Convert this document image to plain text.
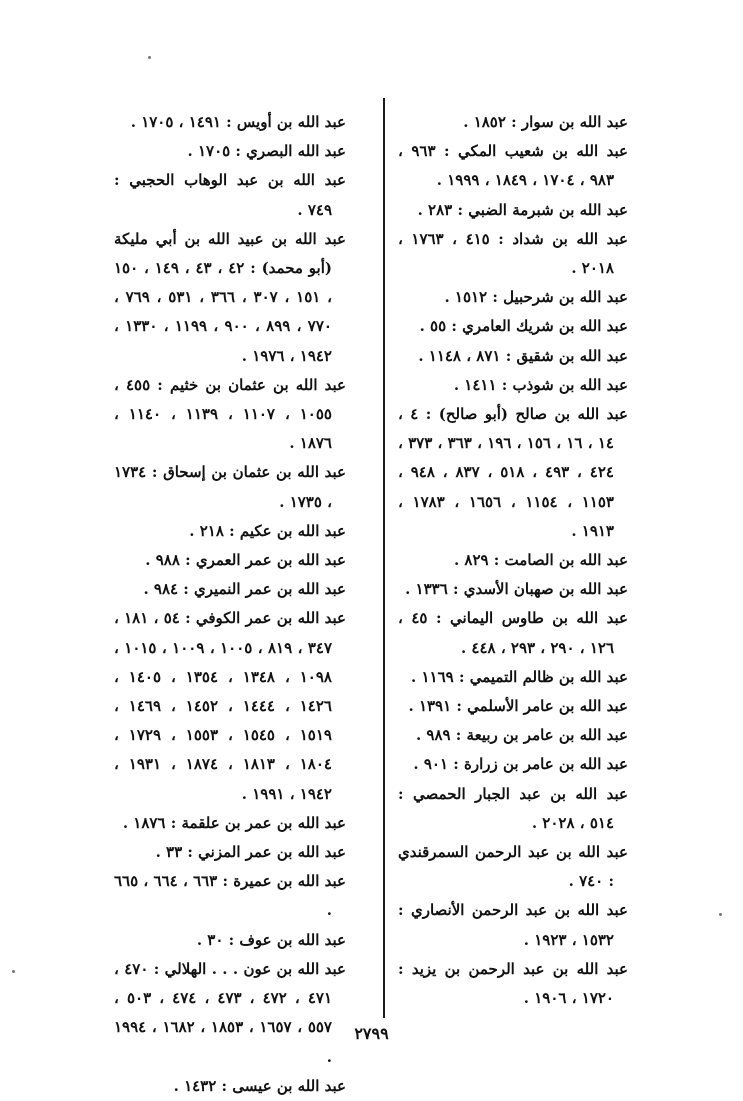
عبد الله بن سوار : ١٨٥٢ .

عبد الله بن شعيب المكي : ٩٦٣ ، ٩٨٣ ، ١٧٠٤ ، ١٨٤٩ ، ١٩٩٩ .

عبد الله بن شبرمة الضبي : ٢٨٣ .

عبد الله بن شداد : ٤١٥ ، ١٧٦٣ ، ٢٠١٨ .

عبد الله بن شرحبيل : ١٥١٢ .

عبد الله بن شريك العامري : ٥٥ .

عبد الله بن شقيق : ٨٧١ ، ١١٤٨ .

عبد الله بن شوذب : ١٤١١ .

عبد الله بن صالح (أبو صالح) : ٤ ، ١٤ ، ١٦ ، ١٥٦ ، ١٩٦ ، ٣٦٣ ، ٣٧٣ ، ٤٢٤ ، ٤٩٣ ، ٥١٨ ، ٨٣٧ ، ٩٤٨ ، ١١٥٣ ، ١١٥٤ ، ١٦٥٦ ، ١٧٨٣ ، ١٩١٣ .

عبد الله بن الصامت : ٨٢٩ .

عبد الله بن صهبان الأسدي : ١٣٣٦ .

عبد الله بن طاوس اليماني : ٤٥ ، ١٢٦ ، ٢٩٠ ، ٢٩٣ ، ٤٤٨ .

عبد الله بن ظالم التميمي : ١١٦٩ .

عبد الله بن عامر الأسلمي : ١٣٩١ .

عبد الله بن عامر بن ربيعة : ٩٨٩ .

عبد الله بن عامر بن زرارة : ٩٠١ .

عبد الله بن عبد الجبار الحمصي : ٥١٤ ، ٢٠٢٨ .

عبد الله بن عبد الرحمن السمرقندي : ٧٤٠ .

عبد الله بن عبد الرحمن الأنصاري : ١٥٣٢ ، ١٩٢٣ .

عبد الله بن عبد الرحمن بن يزيد : ١٧٢٠ ، ١٩٠٦ .

عبد الله بن أويس : ١٤٩١ ، ١٧٠٥ .

عبد الله البصري : ١٧٠٥ .

عبد الله بن عبد الوهاب الحجبي : ٧٤٩ .

عبد الله بن عبيد الله بن أبي مليكة (أبو محمد) : ٤٢ ، ٤٣ ، ١٤٩ ، ١٥٠ ، ١٥١ ، ٣٠٧ ، ٣٦٦ ، ٥٣١ ، ٧٦٩ ، ٧٧٠ ، ٨٩٩ ، ٩٠٠ ، ١١٩٩ ، ١٣٣٠ ، ١٩٤٢ ، ١٩٧٦ .

عبد الله بن عثمان بن خثيم : ٤٥٥ ، ١٠٥٥ ، ١١٠٧ ، ١١٣٩ ، ١١٤٠ ، ١٨٧٦ .

عبد الله بن عثمان بن إسحاق : ١٧٣٤ ، ١٧٣٥ .

عبد الله بن عكيم : ٢١٨ .

عبد الله بن عمر العمري : ٩٨٨ .

عبد الله بن عمر النميري : ٩٨٤ .

عبد الله بن عمر الكوفي : ٥٤ ، ١٨١ ، ٣٤٧ ، ٨١٩ ، ١٠٠٥ ، ١٠٠٩ ، ١٠١٥ ، ١٠٩٨ ، ١٣٤٨ ، ١٣٥٤ ، ١٤٠٥ ، ١٤٢٦ ، ١٤٤٤ ، ١٤٥٢ ، ١٤٦٩ ، ١٥١٩ ، ١٥٤٥ ، ١٥٥٣ ، ١٧٢٩ ، ١٨٠٤ ، ١٨١٣ ، ١٨٧٤ ، ١٩٣١ ، ١٩٤٢ ، ١٩٩١ .

عبد الله بن عمر بن علقمة : ١٨٧٦ .

عبد الله بن عمر المزني : ٣٣ .

عبد الله بن عميرة : ٦٦٣ ، ٦٦٤ ، ٦٦٥ .

عبد الله بن عوف : ٣٠ .

عبد الله بن عون . . . الهلالي : ٤٧٠ ، ٤٧١ ، ٤٧٢ ، ٤٧٣ ، ٤٧٤ ، ٥٠٣ ، ٥٥٧ ، ١٦٥٧ ، ١٨٥٣ ، ١٦٨٢ ، ١٩٩٤ .

عبد الله بن عيسى : ١٤٣٢ .

٢٧٩٩
